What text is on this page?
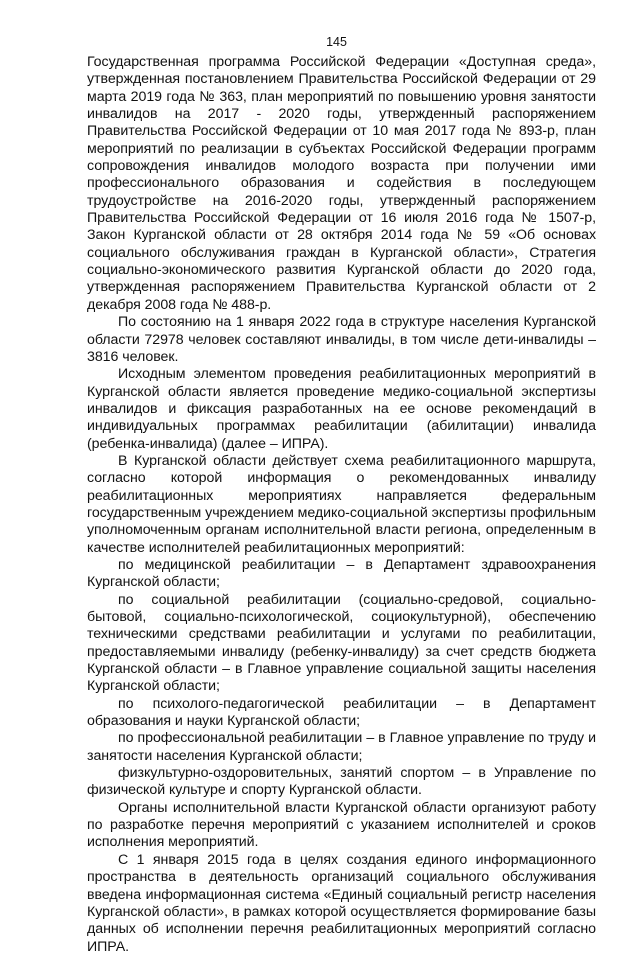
145

Государственная программа Российской Федерации «Доступная среда», утвержденная постановлением Правительства Российской Федерации от 29 марта 2019 года № 363, план мероприятий по повышению уровня занятости инвалидов на 2017 - 2020 годы, утвержденный распоряжением Правительства Российской Федерации от 10 мая 2017 года № 893-р, план мероприятий по реализации в субъектах Российской Федерации программ сопровождения инвалидов молодого возраста при получении ими профессионального образования и содействия в последующем трудоустройстве на 2016-2020 годы, утвержденный распоряжением Правительства Российской Федерации от 16 июля 2016 года № 1507-р, Закон Курганской области от 28 октября 2014 года № 59 «Об основах социального обслуживания граждан в Курганской области», Стратегия социально-экономического развития Курганской области до 2020 года, утвержденная распоряжением Правительства Курганской области от 2 декабря 2008 года № 488-р.

По состоянию на 1 января 2022 года в структуре населения Курганской области 72978 человек составляют инвалиды, в том числе дети-инвалиды – 3816 человек.

Исходным элементом проведения реабилитационных мероприятий в Курганской области является проведение медико-социальной экспертизы инвалидов и фиксация разработанных на ее основе рекомендаций в индивидуальных программах реабилитации (абилитации) инвалида (ребенка-инвалида) (далее – ИПРА).

В Курганской области действует схема реабилитационного маршрута, согласно которой информация о рекомендованных инвалиду реабилитационных мероприятиях направляется федеральным государственным учреждением медико-социальной экспертизы профильным уполномоченным органам исполнительной власти региона, определенным в качестве исполнителей реабилитационных мероприятий:

по медицинской реабилитации – в Департамент здравоохранения Курганской области;

по социальной реабилитации (социально-средовой, социально-бытовой, социально-психологической, социокультурной), обеспечению техническими средствами реабилитации и услугами по реабилитации, предоставляемыми инвалиду (ребенку-инвалиду) за счет средств бюджета Курганской области – в Главное управление социальной защиты населения Курганской области;

по психолого-педагогической реабилитации – в Департамент образования и науки Курганской области;

по профессиональной реабилитации – в Главное управление по труду и занятости населения Курганской области;

физкультурно-оздоровительных, занятий спортом – в Управление по физической культуре и спорту Курганской области.

Органы исполнительной власти Курганской области организуют работу по разработке перечня мероприятий с указанием исполнителей и сроков исполнения мероприятий.

С 1 января 2015 года в целях создания единого информационного пространства в деятельность организаций социального обслуживания введена информационная система «Единый социальный регистр населения Курганской области», в рамках которой осуществляется формирование базы данных об исполнении перечня реабилитационных мероприятий согласно ИПРА.
